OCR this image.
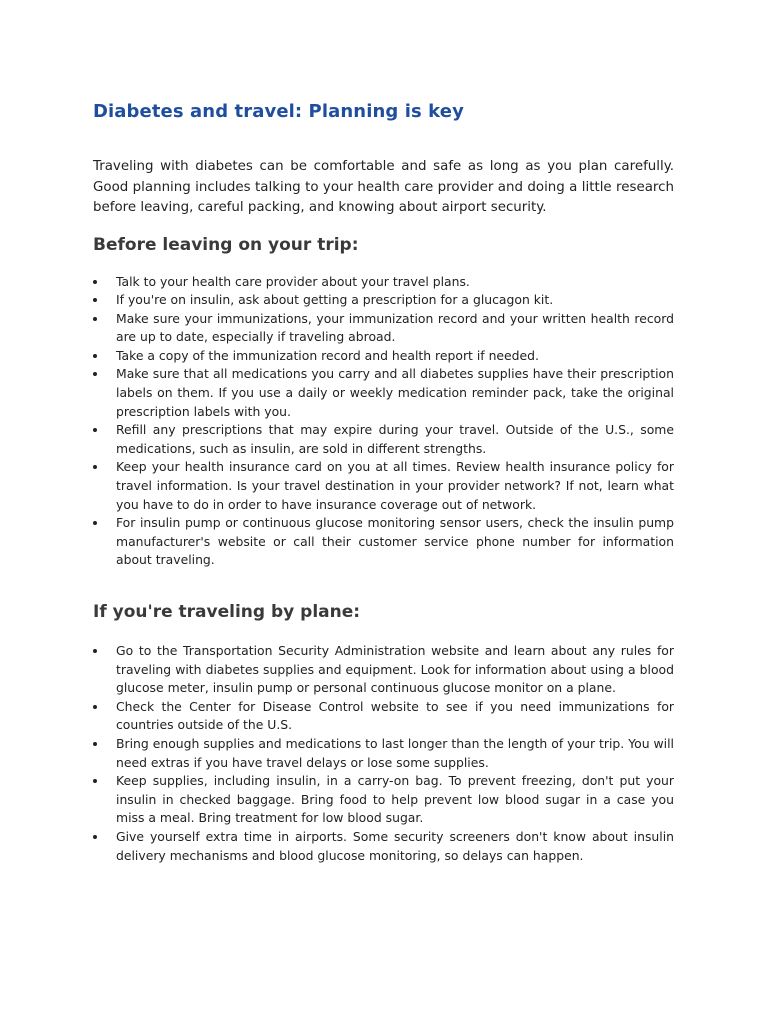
Diabetes and travel: Planning is key

Traveling with diabetes can be comfortable and safe as long as you plan carefully. Good planning includes talking to your health care provider and doing a little research before leaving, careful packing, and knowing about airport security.

Before leaving on your trip:
Talk to your health care provider about your travel plans.
If you're on insulin, ask about getting a prescription for a glucagon kit.
Make sure your immunizations, your immunization record and your written health record are up to date, especially if traveling abroad.
Take a copy of the immunization record and health report if needed.
Make sure that all medications you carry and all diabetes supplies have their prescription labels on them. If you use a daily or weekly medication reminder pack, take the original prescription labels with you.
Refill any prescriptions that may expire during your travel. Outside of the U.S., some medications, such as insulin, are sold in different strengths.
Keep your health insurance card on you at all times. Review health insurance policy for travel information. Is your travel destination in your provider network? If not, learn what you have to do in order to have insurance coverage out of network.
For insulin pump or continuous glucose monitoring sensor users, check the insulin pump manufacturer's website or call their customer service phone number for information about traveling.
If you're traveling by plane:
Go to the Transportation Security Administration website and learn about any rules for traveling with diabetes supplies and equipment. Look for information about using a blood glucose meter, insulin pump or personal continuous glucose monitor on a plane.
Check the Center for Disease Control website to see if you need immunizations for countries outside of the U.S.
Bring enough supplies and medications to last longer than the length of your trip. You will need extras if you have travel delays or lose some supplies.
Keep supplies, including insulin, in a carry-on bag. To prevent freezing, don't put your insulin in checked baggage. Bring food to help prevent low blood sugar in a case you miss a meal. Bring treatment for low blood sugar.
Give yourself extra time in airports. Some security screeners don't know about insulin delivery mechanisms and blood glucose monitoring, so delays can happen.
